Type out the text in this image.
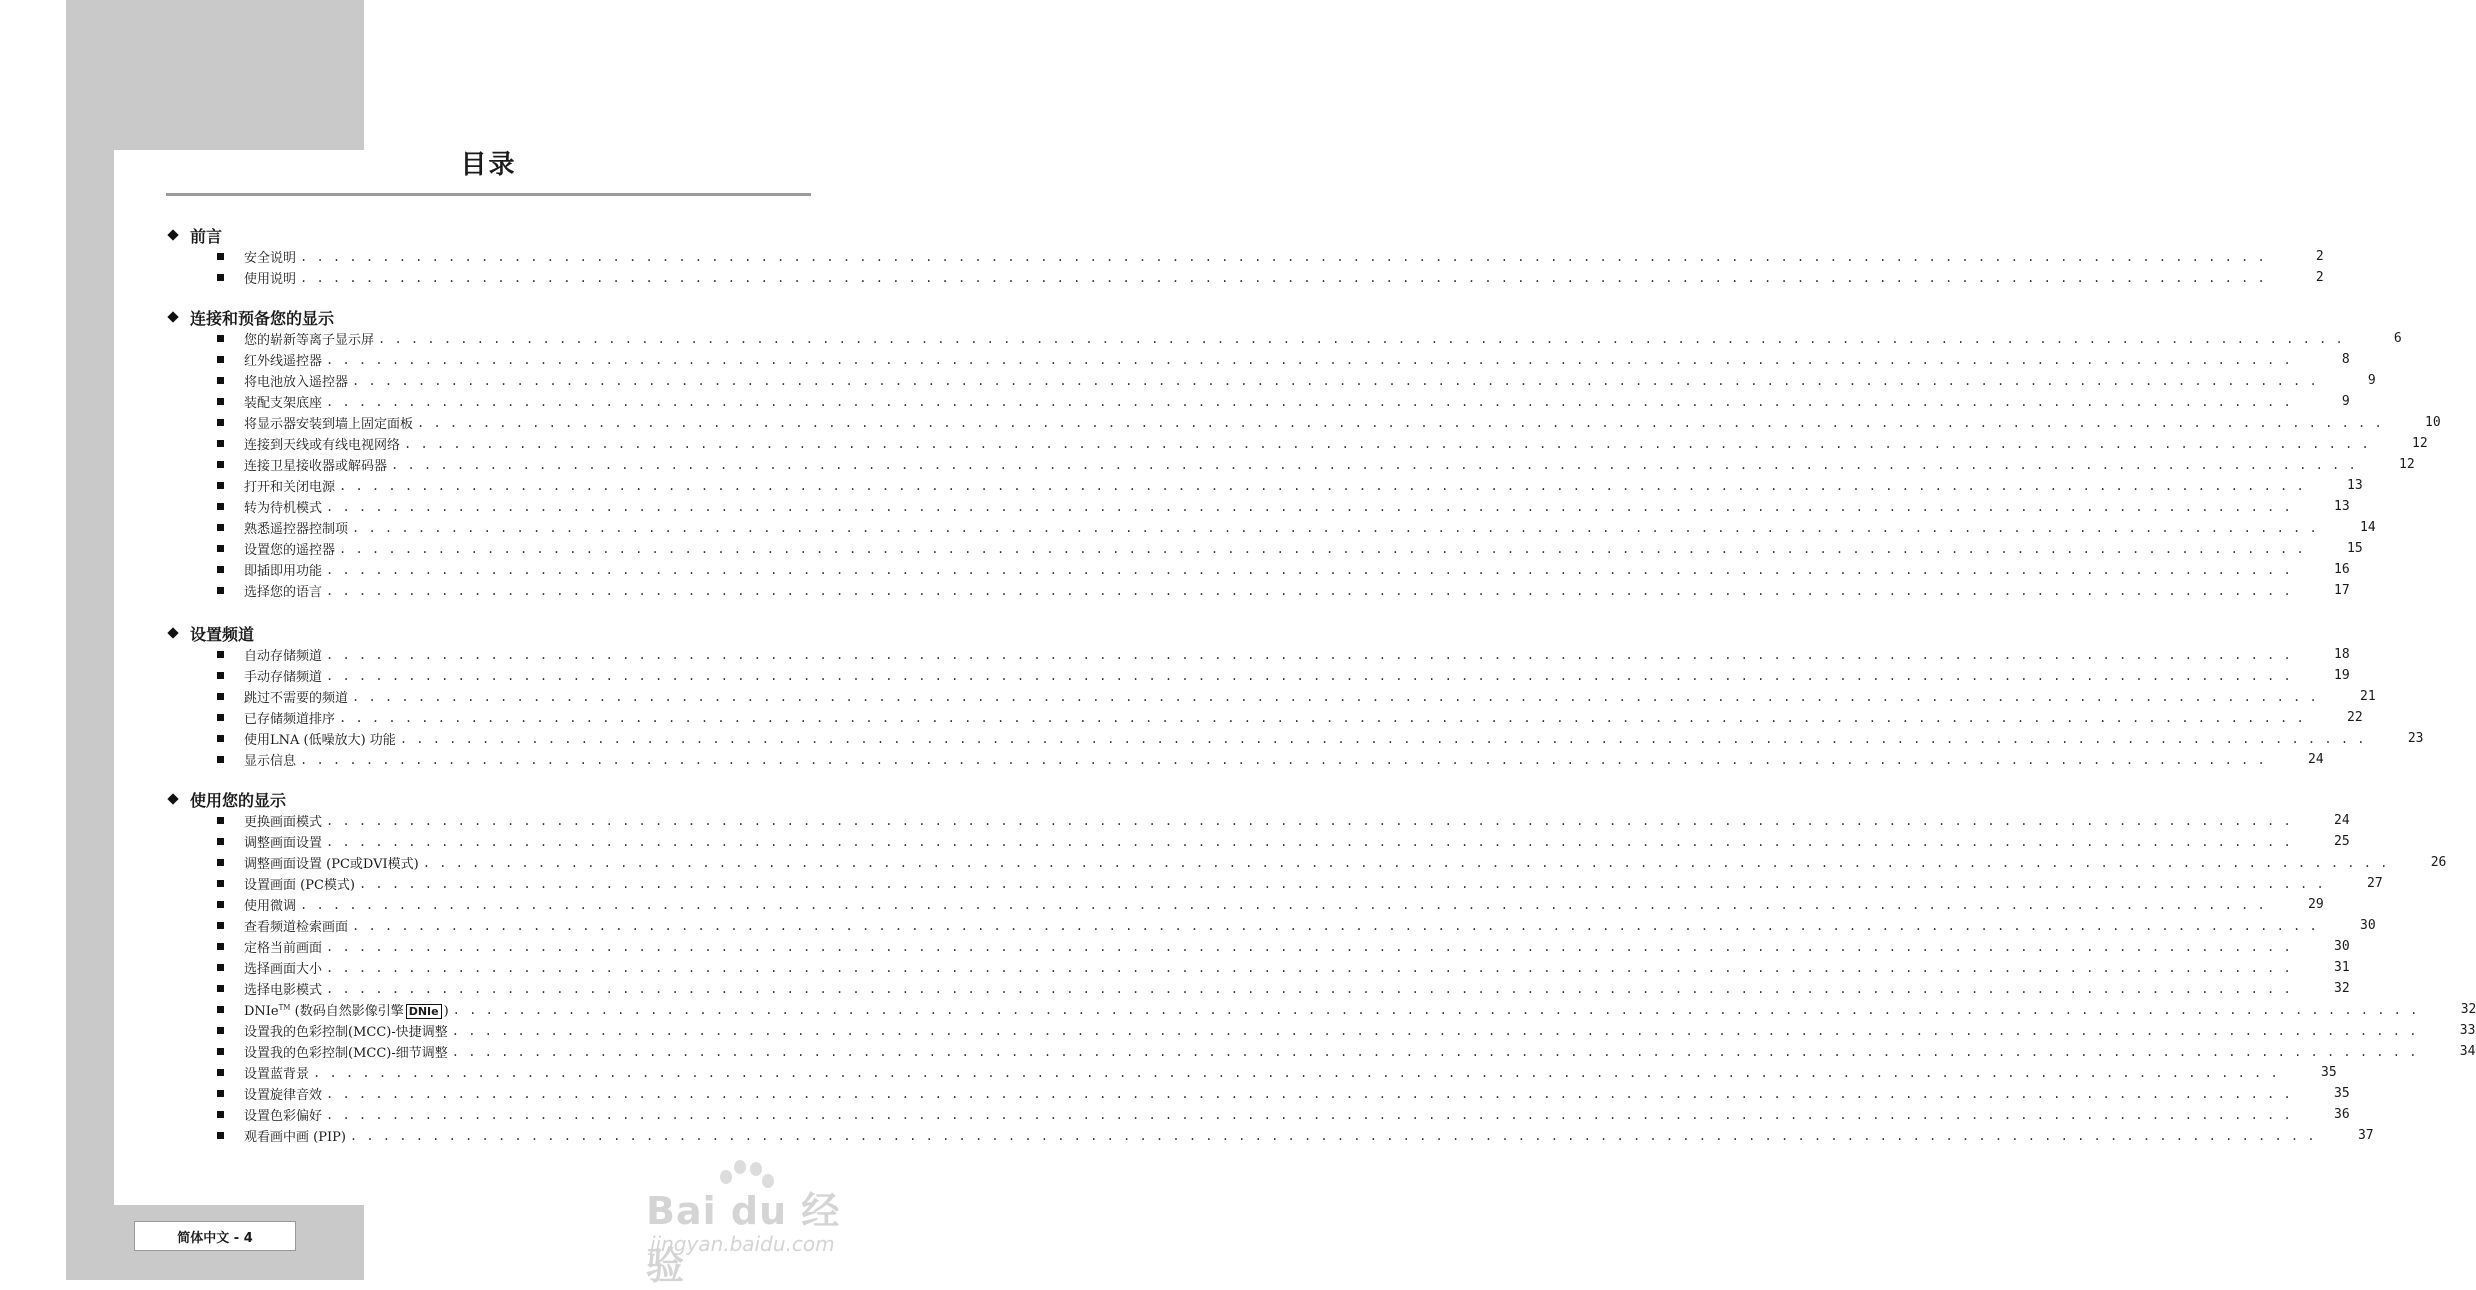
目录
前言
安全说明 . . . . . . . . . . . . . . . . . . . . . . . . . . . . . . . . . . . . . . . . . . . . . . . . . . . . . . . . . . . . . . . . . . . . . . . . . . . . . . . . . . . . . . . . . . . . . . . . . . . . . . . . . . . . . . . . . . . . . . . .	2
使用说明 . . . . . . . . . . . . . . . . . . . . . . . . . . . . . . . . . . . . . . . . . . . . . . . . . . . . . . . . . . . . . . . . . . . . . . . . . . . . . . . . . . . . . . . . . . . . . . . . . . . . . . . . . . . . . . . . . . . . . . . .	2
连接和预备您的显示
您的崭新等离子显示屏 . . . . . . . . . . . . . . . . . . . . . . . . . . . . . . . . . . . . . . . . . . . . . . . . . . . . . . . . . . . . . . . . . . . . . . . . . . . . . . . . . . . . . . . . . . . . . . . . . . . . . . . . . . . . . . . . . . . . . . . .	6
红外线遥控器 . . . . . . . . . . . . . . . . . . . . . . . . . . . . . . . . . . . . . . . . . . . . . . . . . . . . . . . . . . . . . . . . . . . . . . . . . . . . . . . . . . . . . . . . . . . . . . . . . . . . . . . . . . . . . . . . . . . . . . . .	8
将电池放入遥控器 . . . . . . . . . . . . . . . . . . . . . . . . . . . . . . . . . . . . . . . . . . . . . . . . . . . . . . . . . . . . . . . . . . . . . . . . . . . . . . . . . . . . . . . . . . . . . . . . . . . . . . . . . . . . . . . . . . . . . . . .	9
装配支架底座 . . . . . . . . . . . . . . . . . . . . . . . . . . . . . . . . . . . . . . . . . . . . . . . . . . . . . . . . . . . . . . . . . . . . . . . . . . . . . . . . . . . . . . . . . . . . . . . . . . . . . . . . . . . . . . . . . . . . . . . .	9
将显示器安装到墙上固定面板 . . . . . . . . . . . . . . . . . . . . . . . . . . . . . . . . . . . . . . . . . . . . . . . . . . . . . . . . . . . . . . . . . . . . . . . . . . . . . . . . . . . . . . . . . . . . . . . . . . . . . . . . . . . . . . . . . . . . . . . .	10
连接到天线或有线电视网络 . . . . . . . . . . . . . . . . . . . . . . . . . . . . . . . . . . . . . . . . . . . . . . . . . . . . . . . . . . . . . . . . . . . . . . . . . . . . . . . . . . . . . . . . . . . . . . . . . . . . . . . . . . . . . . . . . . . . . . . .	12
连接卫星接收器或解码器 . . . . . . . . . . . . . . . . . . . . . . . . . . . . . . . . . . . . . . . . . . . . . . . . . . . . . . . . . . . . . . . . . . . . . . . . . . . . . . . . . . . . . . . . . . . . . . . . . . . . . . . . . . . . . . . . . . . . . . . .	12
打开和关闭电源 . . . . . . . . . . . . . . . . . . . . . . . . . . . . . . . . . . . . . . . . . . . . . . . . . . . . . . . . . . . . . . . . . . . . . . . . . . . . . . . . . . . . . . . . . . . . . . . . . . . . . . . . . . . . . . . . . . . . . . . .	13
转为待机模式 . . . . . . . . . . . . . . . . . . . . . . . . . . . . . . . . . . . . . . . . . . . . . . . . . . . . . . . . . . . . . . . . . . . . . . . . . . . . . . . . . . . . . . . . . . . . . . . . . . . . . . . . . . . . . . . . . . . . . . . .	13
熟悉遥控器控制项 . . . . . . . . . . . . . . . . . . . . . . . . . . . . . . . . . . . . . . . . . . . . . . . . . . . . . . . . . . . . . . . . . . . . . . . . . . . . . . . . . . . . . . . . . . . . . . . . . . . . . . . . . . . . . . . . . . . . . . . .	14
设置您的遥控器 . . . . . . . . . . . . . . . . . . . . . . . . . . . . . . . . . . . . . . . . . . . . . . . . . . . . . . . . . . . . . . . . . . . . . . . . . . . . . . . . . . . . . . . . . . . . . . . . . . . . . . . . . . . . . . . . . . . . . . . .	15
即插即用功能 . . . . . . . . . . . . . . . . . . . . . . . . . . . . . . . . . . . . . . . . . . . . . . . . . . . . . . . . . . . . . . . . . . . . . . . . . . . . . . . . . . . . . . . . . . . . . . . . . . . . . . . . . . . . . . . . . . . . . . . .	16
选择您的语言 . . . . . . . . . . . . . . . . . . . . . . . . . . . . . . . . . . . . . . . . . . . . . . . . . . . . . . . . . . . . . . . . . . . . . . . . . . . . . . . . . . . . . . . . . . . . . . . . . . . . . . . . . . . . . . . . . . . . . . . .	17
设置频道
自动存储频道 . . . . . . . . . . . . . . . . . . . . . . . . . . . . . . . . . . . . . . . . . . . . . . . . . . . . . . . . . . . . . . . . . . . . . . . . . . . . . . . . . . . . . . . . . . . . . . . . . . . . . . . . . . . . . . . . . . . . . . . .	18
手动存储频道 . . . . . . . . . . . . . . . . . . . . . . . . . . . . . . . . . . . . . . . . . . . . . . . . . . . . . . . . . . . . . . . . . . . . . . . . . . . . . . . . . . . . . . . . . . . . . . . . . . . . . . . . . . . . . . . . . . . . . . . .	19
跳过不需要的频道 . . . . . . . . . . . . . . . . . . . . . . . . . . . . . . . . . . . . . . . . . . . . . . . . . . . . . . . . . . . . . . . . . . . . . . . . . . . . . . . . . . . . . . . . . . . . . . . . . . . . . . . . . . . . . . . . . . . . . . . .	21
已存储频道排序 . . . . . . . . . . . . . . . . . . . . . . . . . . . . . . . . . . . . . . . . . . . . . . . . . . . . . . . . . . . . . . . . . . . . . . . . . . . . . . . . . . . . . . . . . . . . . . . . . . . . . . . . . . . . . . . . . . . . . . . .	22
使用LNA (低噪放大) 功能 . . . . . . . . . . . . . . . . . . . . . . . . . . . . . . . . . . . . . . . . . . . . . . . . . . . . . . . . . . . . . . . . . . . . . . . . . . . . . . . . . . . . . . . . . . . . . . . . . . . . . . . . . . . . . . . . . . . . . . . .	23
显示信息 . . . . . . . . . . . . . . . . . . . . . . . . . . . . . . . . . . . . . . . . . . . . . . . . . . . . . . . . . . . . . . . . . . . . . . . . . . . . . . . . . . . . . . . . . . . . . . . . . . . . . . . . . . . . . . . . . . . . . . . .	24
使用您的显示
更换画面模式 . . . . . . . . . . . . . . . . . . . . . . . . . . . . . . . . . . . . . . . . . . . . . . . . . . . . . . . . . . . . . . . . . . . . . . . . . . . . . . . . . . . . . . . . . . . . . . . . . . . . . . . . . . . . . . . . . . . . . . . .	24
调整画面设置 . . . . . . . . . . . . . . . . . . . . . . . . . . . . . . . . . . . . . . . . . . . . . . . . . . . . . . . . . . . . . . . . . . . . . . . . . . . . . . . . . . . . . . . . . . . . . . . . . . . . . . . . . . . . . . . . . . . . . . . .	25
调整画面设置 (PC或DVI模式) . . . . . . . . . . . . . . . . . . . . . . . . . . . . . . . . . . . . . . . . . . . . . . . . . . . . . . . . . . . . . . . . . . . . . . . . . . . . . . . . . . . . . . . . . . . . . . . . . . . . . . . . . . . . . . . . . . . . . . . .	26
设置画面 (PC模式) . . . . . . . . . . . . . . . . . . . . . . . . . . . . . . . . . . . . . . . . . . . . . . . . . . . . . . . . . . . . . . . . . . . . . . . . . . . . . . . . . . . . . . . . . . . . . . . . . . . . . . . . . . . . . . . . . . . . . . . .	27
使用微调 . . . . . . . . . . . . . . . . . . . . . . . . . . . . . . . . . . . . . . . . . . . . . . . . . . . . . . . . . . . . . . . . . . . . . . . . . . . . . . . . . . . . . . . . . . . . . . . . . . . . . . . . . . . . . . . . . . . . . . . .	29
查看频道检索画面 . . . . . . . . . . . . . . . . . . . . . . . . . . . . . . . . . . . . . . . . . . . . . . . . . . . . . . . . . . . . . . . . . . . . . . . . . . . . . . . . . . . . . . . . . . . . . . . . . . . . . . . . . . . . . . . . . . . . . . . .	30
定格当前画面 . . . . . . . . . . . . . . . . . . . . . . . . . . . . . . . . . . . . . . . . . . . . . . . . . . . . . . . . . . . . . . . . . . . . . . . . . . . . . . . . . . . . . . . . . . . . . . . . . . . . . . . . . . . . . . . . . . . . . . . .	30
选择画面大小 . . . . . . . . . . . . . . . . . . . . . . . . . . . . . . . . . . . . . . . . . . . . . . . . . . . . . . . . . . . . . . . . . . . . . . . . . . . . . . . . . . . . . . . . . . . . . . . . . . . . . . . . . . . . . . . . . . . . . . . .	31
选择电影模式 . . . . . . . . . . . . . . . . . . . . . . . . . . . . . . . . . . . . . . . . . . . . . . . . . . . . . . . . . . . . . . . . . . . . . . . . . . . . . . . . . . . . . . . . . . . . . . . . . . . . . . . . . . . . . . . . . . . . . . . .	32
DNIe™ (数码自然影像引擎 DNIe ) . . . . . . . . . . . . . . . . . . . . . . . . . . . . . . . . . . . . . . . . . . . . . . . . . . . . . . . . . . . . . . . . . . . . . . . . . . . . . . . . . . . . . . . . . . . . . . . . . . . . . . . . . . . . . . . . . . . . . . . .	32
设置我的色彩控制(MCC)-快捷调整 . . . . . . . . . . . . . . . . . . . . . . . . . . . . . . . . . . . . . . . . . . . . . . . . . . . . . . . . . . . . . . . . . . . . . . . . . . . . . . . . . . . . . . . . . . . . . . . . . . . . . . . . . . . . . . . . . . . . . . . .	33
设置我的色彩控制(MCC)-细节调整 . . . . . . . . . . . . . . . . . . . . . . . . . . . . . . . . . . . . . . . . . . . . . . . . . . . . . . . . . . . . . . . . . . . . . . . . . . . . . . . . . . . . . . . . . . . . . . . . . . . . . . . . . . . . . . . . . . . . . . . .	34
设置蓝背景 . . . . . . . . . . . . . . . . . . . . . . . . . . . . . . . . . . . . . . . . . . . . . . . . . . . . . . . . . . . . . . . . . . . . . . . . . . . . . . . . . . . . . . . . . . . . . . . . . . . . . . . . . . . . . . . . . . . . . . . .	35
设置旋律音效 . . . . . . . . . . . . . . . . . . . . . . . . . . . . . . . . . . . . . . . . . . . . . . . . . . . . . . . . . . . . . . . . . . . . . . . . . . . . . . . . . . . . . . . . . . . . . . . . . . . . . . . . . . . . . . . . . . . . . . . .	35
设置色彩偏好 . . . . . . . . . . . . . . . . . . . . . . . . . . . . . . . . . . . . . . . . . . . . . . . . . . . . . . . . . . . . . . . . . . . . . . . . . . . . . . . . . . . . . . . . . . . . . . . . . . . . . . . . . . . . . . . . . . . . . . . .	36
观看画中画 (PIP) . . . . . . . . . . . . . . . . . . . . . . . . . . . . . . . . . . . . . . . . . . . . . . . . . . . . . . . . . . . . . . . . . . . . . . . . . . . . . . . . . . . . . . . . . . . . . . . . . . . . . . . . . . . . . . . . . . . . . . . .	37
简体中文 - 4
Bai du 经验
jingyan.baidu.com
